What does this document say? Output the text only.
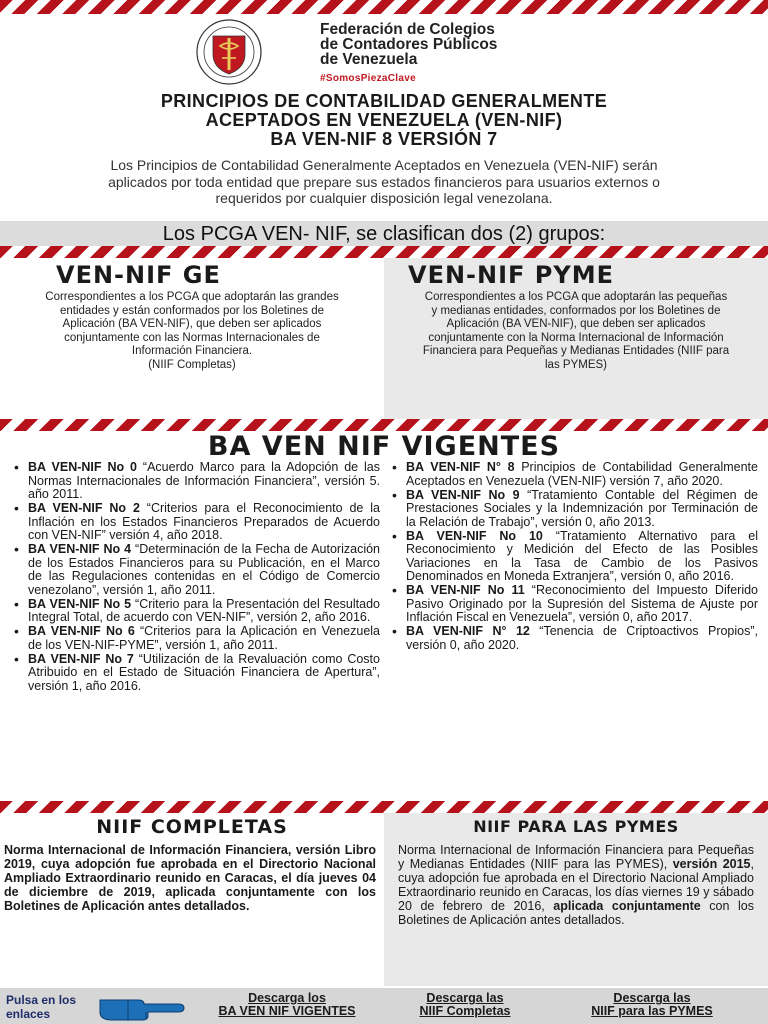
Federación de Colegios
de Contadores Públicos
de Venezuela
#SomosPiezaClave
PRINCIPIOS DE CONTABILIDAD GENERALMENTE
ACEPTADOS EN VENEZUELA (VEN-NIF)
BA VEN-NIF 8 VERSIÓN 7

Los Principios de Contabilidad Generalmente Aceptados en Venezuela (VEN-NIF) serán aplicados por toda entidad que prepare sus estados financieros para usuarios externos o requeridos por cualquier disposición legal venezolana.

Los PCGA VEN- NIF, se clasifican dos (2) grupos:
VEN-NIF GE

Correspondientes a los PCGA que adoptarán las grandes entidades y están conformados por los Boletines de Aplicación (BA VEN-NIF), que deben ser aplicados conjuntamente con las Normas Internacionales de Información Financiera.
(NIIF Completas)

VEN-NIF PYME

Correspondientes a los PCGA que adoptarán las pequeñas y medianas entidades, conformados por los Boletines de Aplicación (BA VEN-NIF), que deben ser aplicados conjuntamente con la Norma Internacional de Información Financiera para Pequeñas y Medianas Entidades (NIIF para las PYMES)

BA VEN NIF VIGENTES
• BA VEN-NIF No 0 “Acuerdo Marco para la Adopción de las Normas Internacionales de Información Financiera”, versión 5. año 2011.
• BA VEN-NIF No 2 “Criterios para el Reconocimiento de la Inflación en los Estados Financieros Preparados de Acuerdo con VEN-NIF” versión 4, año 2018.
• BA VEN-NIF No 4 “Determinación de la Fecha de Autorización de los Estados Financieros para su Publicación, en el Marco de las Regulaciones contenidas en el Código de Comercio venezolano”, versión 1, año 2011.
• BA VEN-NIF No 5 “Criterio para la Presentación del Resultado Integral Total, de acuerdo con VEN-NIF”, versión 2, año 2016.
• BA VEN-NIF No 6 “Criterios para la Aplicación en Venezuela de los VEN-NIF-PYME”, versión 1, año 2011.
• BA VEN-NIF No 7 “Utilización de la Revaluación como Costo Atribuido en el Estado de Situación Financiera de Apertura”, versión 1, año 2016.
• BA VEN-NIF N° 8 Principios de Contabilidad Generalmente Aceptados en Venezuela (VEN-NIF) versión 7, año 2020.
• BA VEN-NIF No 9 “Tratamiento Contable del Régimen de Prestaciones Sociales y la Indemnización por Terminación de la Relación de Trabajo”, versión 0, año 2013.
• BA VEN-NIF No 10 “Tratamiento Alternativo para el Reconocimiento y Medición del Efecto de las Posibles Variaciones en la Tasa de Cambio de los Pasivos Denominados en Moneda Extranjera”, versión 0, año 2016.
• BA VEN-NIF No 11 “Reconocimiento del Impuesto Diferido Pasivo Originado por la Supresión del Sistema de Ajuste por Inflación Fiscal en Venezuela”, versión 0, año 2017.
• BA VEN-NIF N° 12 “Tenencia de Criptoactivos Propios”, versión 0, año 2020.
NIIF COMPLETAS

Norma Internacional de Información Financiera, versión Libro 2019, cuya adopción fue aprobada en el Directorio Nacional Ampliado Extraordinario reunido en Caracas, el día jueves 04 de diciembre de 2019, aplicada conjuntamente con los Boletines de Aplicación antes detallados.

NIIF PARA LAS PYMES

Norma Internacional de Información Financiera para Pequeñas y Medianas Entidades (NIIF para las PYMES), versión 2015, cuya adopción fue aprobada en el Directorio Nacional Ampliado Extraordinario reunido en Caracas, los días viernes 19 y sábado 20 de febrero de 2016, aplicada conjuntamente con los Boletines de Aplicación antes detallados.

Pulsa en los
enlaces
Descarga los
BA VEN NIF VIGENTES
Descarga las
NIIF Completas
Descarga las
NIIF para las PYMES
